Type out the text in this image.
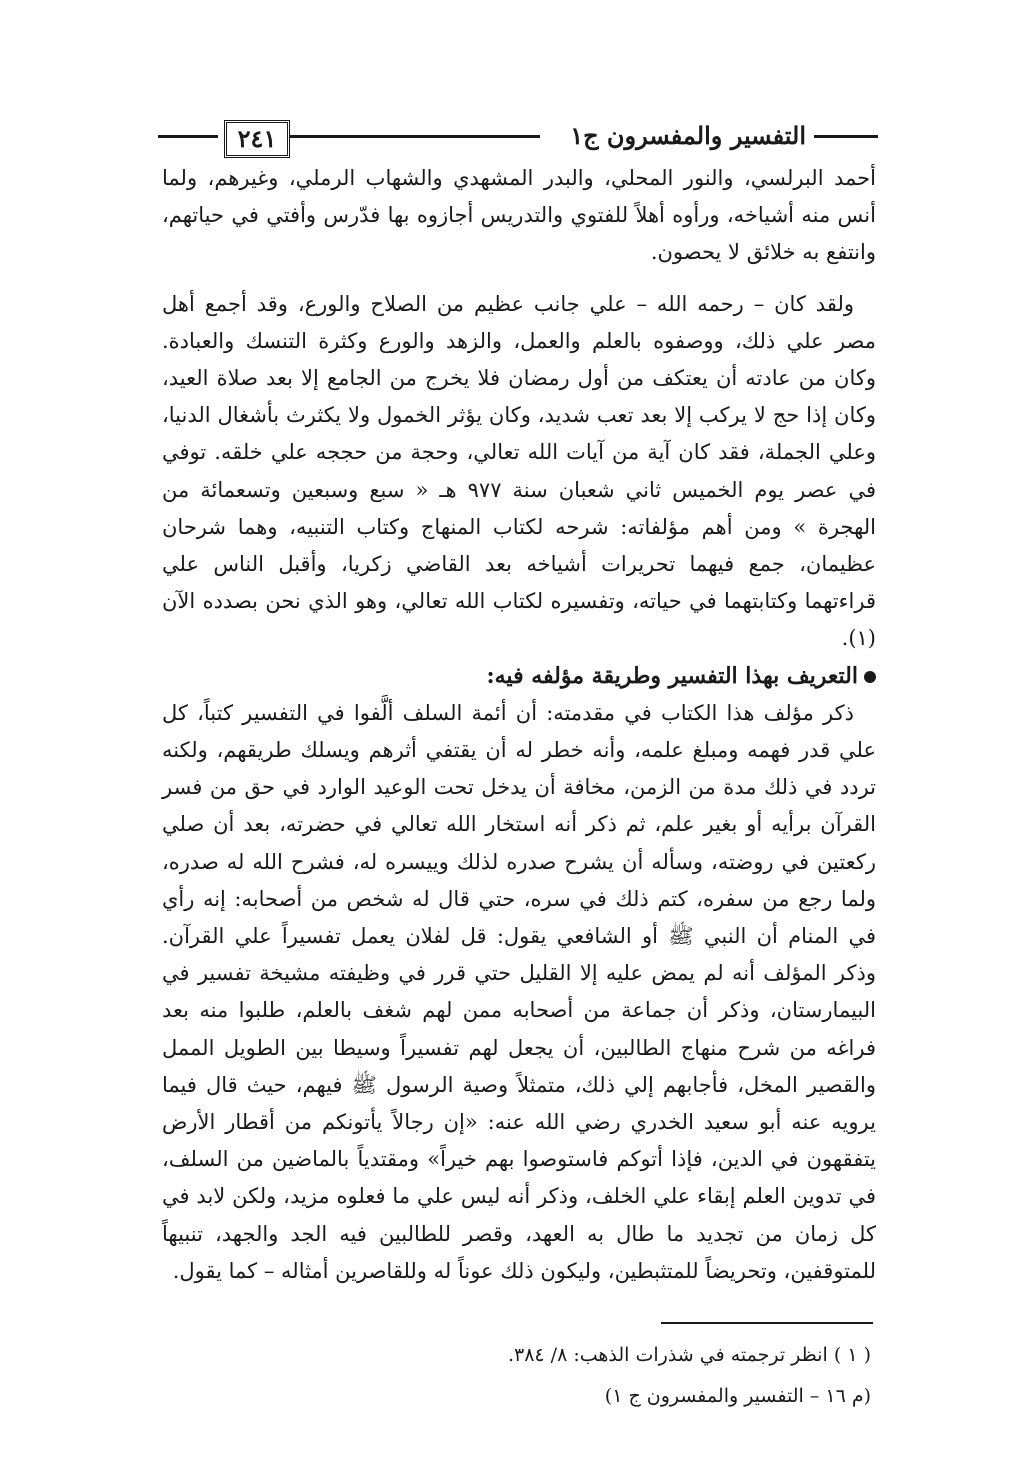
التفسير والمفسرون ج١
٢٤١

أحمد البرلسي، والنور المحلي، والبدر المشهدي والشهاب الرملي، وغيرهم، ولما أنس منه أشياخه، ورأوه أهلاً للفتوي والتدريس أجازوه بها فدّرس وأفتي في حياتهم، وانتفع به خلائق لا يحصون.

ولقد كان – رحمه الله – علي جانب عظيم من الصلاح والورع، وقد أجمع أهل مصر علي ذلك، ووصفوه بالعلم والعمل، والزهد والورع وكثرة التنسك والعبادة. وكان من عادته أن يعتكف من أول رمضان فلا يخرج من الجامع إلا بعد صلاة العيد، وكان إذا حج لا يركب إلا بعد تعب شديد، وكان يؤثر الخمول ولا يكثرث بأشغال الدنيا، وعلي الجملة، فقد كان آية من آيات الله تعالي، وحجة من حججه علي خلقه. توفي في عصر يوم الخميس ثاني شعبان سنة ٩٧٧ هـ « سبع وسبعين وتسعمائة من الهجرة » ومن أهم مؤلفاته: شرحه لكتاب المنهاج وكتاب التنبيه، وهما شرحان عظيمان، جمع فيهما تحريرات أشياخه بعد القاضي زكريا، وأقبل الناس علي قراءتهما وكتابتهما في حياته، وتفسيره لكتاب الله تعالي، وهو الذي نحن بصدده الآن (١).

التعريف بهذا التفسير وطريقة مؤلفه فيه:

ذكر مؤلف هذا الكتاب في مقدمته: أن أئمة السلف ألَّفوا في التفسير كتباً، كل علي قدر فهمه ومبلغ علمه، وأنه خطر له أن يقتفي أثرهم ويسلك طريقهم، ولكنه تردد في ذلك مدة من الزمن، مخافة أن يدخل تحت الوعيد الوارد في حق من فسر القرآن برأيه أو بغير علم، ثم ذكر أنه استخار الله تعالي في حضرته، بعد أن صلي ركعتين في روضته، وسأله أن يشرح صدره لذلك وييسره له، فشرح الله له صدره، ولما رجع من سفره، كتم ذلك في سره، حتي قال له شخص من أصحابه: إنه رأي في المنام أن النبي ﷺ أو الشافعي يقول: قل لفلان يعمل تفسيراً علي القرآن. وذكر المؤلف أنه لم يمض عليه إلا القليل حتي قرر في وظيفته مشيخة تفسير في البيمارستان، وذكر أن جماعة من أصحابه ممن لهم شغف بالعلم، طلبوا منه بعد فراغه من شرح منهاج الطالبين، أن يجعل لهم تفسيراً وسيطا بين الطويل الممل والقصير المخل، فأجابهم إلي ذلك، متمثلاً وصية الرسول ﷺ فيهم، حيث قال فيما يرويه عنه أبو سعيد الخدري رضي الله عنه: «إن رجالاً يأتونكم من أقطار الأرض يتفقهون في الدين، فإذا أتوكم فاستوصوا بهم خيراً» ومقتدياً بالماضين من السلف، في تدوين العلم إبقاء علي الخلف، وذكر أنه ليس علي ما فعلوه مزيد، ولكن لابد في كل زمان من تجديد ما طال به العهد، وقصر للطالبين فيه الجد والجهد، تنبيهاً للمتوقفين، وتحريضاً للمتثبطين، وليكون ذلك عوناً له وللقاصرين أمثاله – كما يقول.

( ١ ) انظر ترجمته في شذرات الذهب: ٨/ ٣٨٤.
(م ١٦ – التفسير والمفسرون ج ١)
